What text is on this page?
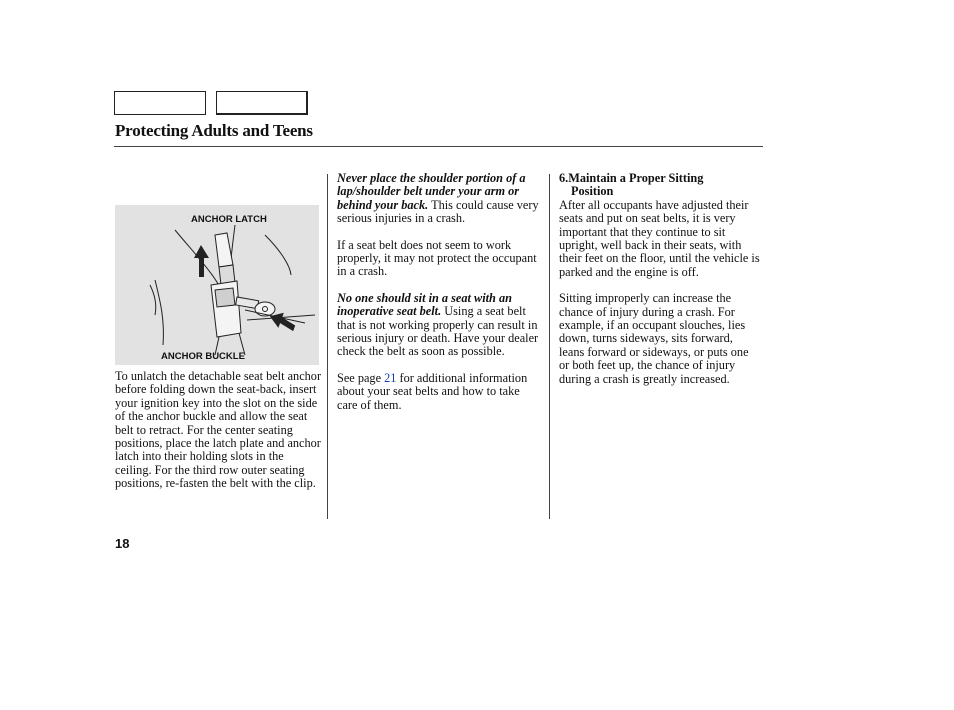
Protecting Adults and Teens
ANCHOR LATCH
ANCHOR BUCKLE

To unlatch the detachable seat belt anchor before folding down the seat-back, insert your ignition key into the slot on the side of the anchor buckle and allow the seat belt to retract. For the center seating positions, place the latch plate and anchor latch into their holding slots in the ceiling. For the third row outer seating positions, re-fasten the belt with the clip.

Never place the shoulder portion of a lap/shoulder belt under your arm or behind your back. This could cause very serious injuries in a crash.

If a seat belt does not seem to work properly, it may not protect the occupant in a crash.

No one should sit in a seat with an inoperative seat belt. Using a seat belt that is not working properly can result in serious injury or death. Have your dealer check the belt as soon as possible.

See page 21 for additional information about your seat belts and how to take care of them.

6.Maintain a Proper Sitting
Position

After all occupants have adjusted their seats and put on seat belts, it is very important that they continue to sit upright, well back in their seats, with their feet on the floor, until the vehicle is parked and the engine is off.

Sitting improperly can increase the chance of injury during a crash. For example, if an occupant slouches, lies down, turns sideways, sits forward, leans forward or sideways, or puts one or both feet up, the chance of injury during a crash is greatly increased.

18
